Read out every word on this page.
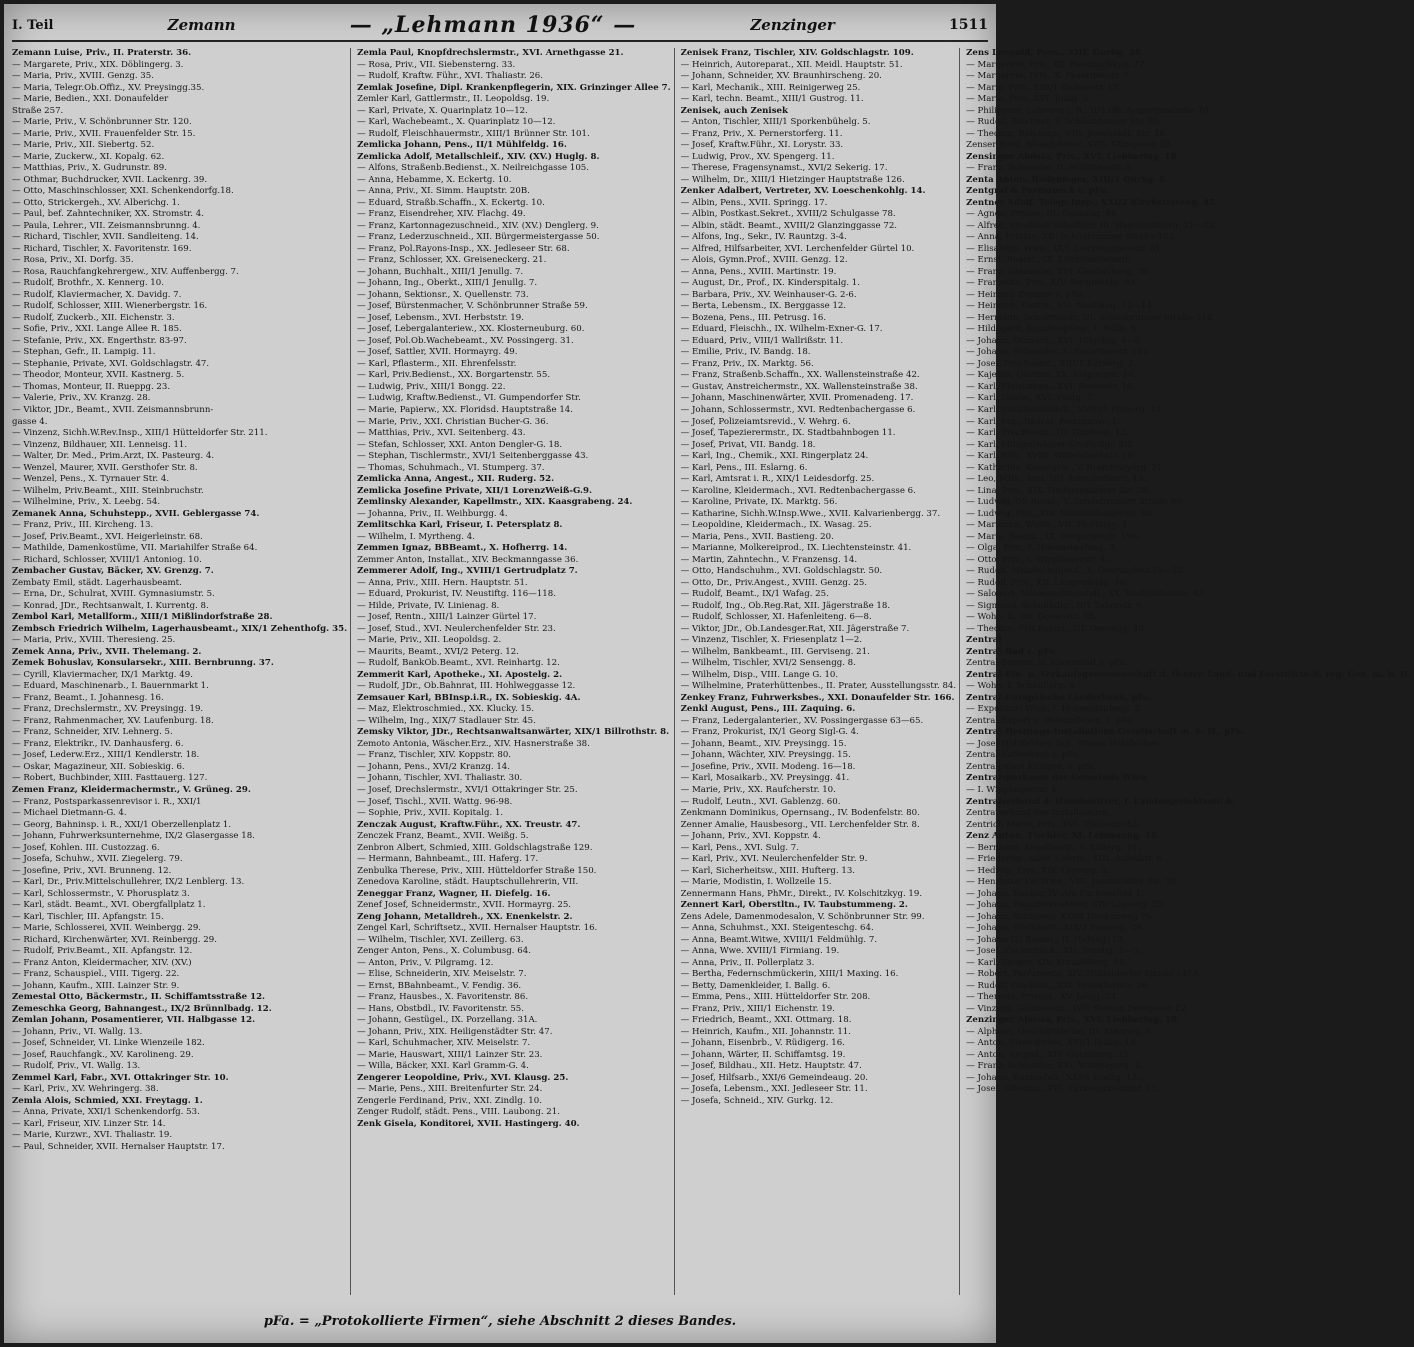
I. Teil	Zemann	— „Lehmann 1936“ —	Zenzinger	1511
Zemann Luise, Priv., II. Praterstr. 36.
— Margarete, Priv., XIX. Döblingerg. 3.
— Maria, Priv., XVIII. Genzg. 35.
— Maria, Telegr.Ob.Offiz., XV. Preysingg.35.
— Marie, Bedien., XXI. Donaufelder
Straße 257.
— Marie, Priv., V. Schönbrunner Str. 120.
— Marie, Priv., XVII. Frauenfelder Str. 15.
— Marie, Priv., XII. Siebertg. 52.
— Marie, Zuckerw., XI. Kopalg. 62.
— Matthias, Priv., X. Gudrunstr. 89.
— Othmar, Buchdrucker, XVII. Lackenrg. 39.
— Otto, Maschinschlosser, XXI. Schenkendorfg.18.
— Otto, Strickergeh., XV. Alberichg. 1.
— Paul, bef. Zahntechniker, XX. Stromstr. 4.
— Paula, Lehrer., VII. Zeismannsbrunng. 4.
— Richard, Tischler, XVII. Sandleiteng. 14.
— Richard, Tischler, X. Favoritenstr. 169.
— Rosa, Priv., XI. Dorfg. 35.
— Rosa, Rauchfangkehrergew., XIV. Auffenbergg. 7.
— Rudolf, Brothfr., X. Kennerg. 10.
— Rudolf, Klaviermacher, X. Davidg. 7.
— Rudolf, Schlosser, XIII. Wienerbergstr. 16.
— Rudolf, Zuckerb., XII. Eichenstr. 3.
— Sofie, Priv., XXI. Lange Allee R. 185.
— Stefanie, Priv., XX. Engerthstr. 83-97.
— Stephan, Gefr., II. Lampig. 11.
— Stephanie, Private, XVI. Goldschlagstr. 47.
— Theodor, Monteur, XVII. Kastnerg. 5.
— Thomas, Monteur, II. Rueppg. 23.
— Valerie, Priv., XV. Kranzg. 28.
— Viktor, JDr., Beamt., XVII. Zeismannsbrunn-
gasse 4.
— Vinzenz, Sichh.W.Rev.Insp., XIII/1 Hütteldorfer Str. 211.
— Vinzenz, Bildhauer, XII. Lenneisg. 11.
— Walter, Dr. Med., Prim.Arzt, IX. Pasteurg. 4.
— Wenzel, Maurer, XVII. Gersthofer Str. 8.
— Wenzel, Pens., X. Tyrnauer Str. 4.
— Wilhelm, Priv.Beamt., XIII. Steinbruchstr.
— Wilhelmine, Priv., X. Leebg. 54.
Zemanek Anna, Schuhstepp., XVII. Geblergasse 74.
— Franz, Priv., III. Kircheng. 13.
— Josef, Priv.Beamt., XVI. Heigerleinstr. 68.
— Mathilde, Damenkostüme, VII. Mariahilfer Straße 64.
— Richard, Schlosser, XVIII/1 Antoniog. 10.
Zembacher Gustav, Bäcker, XV. Grenzg. 7.
Zembaty Emil, städt. Lagerhausbeamt.
— Erna, Dr., Schulrat, XVIII. Gymnasiumstr. 5.
— Konrad, JDr., Rechtsanwalt, I. Kurrentg. 8.
Zembol Karl, Metallform., XIII/1 Mißlindorfstraße 28.
Zembsch Friedrich Wilhelm, Lagerhausbeamt., XIX/1 Zehenthofg. 35.
— Maria, Priv., XVIII. Theresieng. 25.
Zemek Anna, Priv., XVII. Thelemang. 2.
Zemek Bohuslav, Konsularsekr., XIII. Bernbrunng. 37.
— Cyrill, Klaviermacher, IX/1 Marktg. 49.
— Eduard, Maschinenarb., I. Bauernmarkt 1.
— Franz, Beamt., I. Johannesg. 16.
— Franz, Drechslermstr., XV. Preysingg. 19.
— Franz, Rahmenmacher, XV. Laufenburg. 18.
— Franz, Schneider, XIV. Lehnerg. 5.
— Franz, Elektrikr., IV. Danhausferg. 6.
— Josef, Lederw.Erz., XIII/1 Kendlerstr. 18.
— Oskar, Magazineur, XII. Sobieskig. 6.
— Robert, Buchbinder, XIII. Fasttauerg. 127.
Zemen Franz, Kleidermachermstr., V. Grüneg. 29.
— Franz, Postsparkassenrevisor i. R., XXI/1
— Michael Dietmann-G. 4.
— Georg, Bahninsp. i. R., XXI/1 Oberzellenplatz 1.
— Johann, Fuhrwerksunternehme, IX/2 Glasergasse 18.
— Josef, Kohlen. III. Custozzag. 6.
— Josefa, Schuhw., XVII. Ziegelerg. 79.
— Josefine, Priv., XVI. Brunneng. 12.
— Karl, Dr., Priv.Mittelschullehrer, IX/2 Lenblerg. 13.
— Karl, Schlossermstr., V. Phorusplatz 3.
— Karl, städt. Beamt., XVI. Obergfallplatz 1.
— Karl, Tischler, III. Apfangstr. 15.
— Marie, Schlosserei, XVII. Weinbergg. 29.
— Richard, Kirchenwärter, XVI. Reinbergg. 29.
— Rudolf, Priv.Beamt., XII. Apfangstr. 12.
— Franz Anton, Kleidermacher, XIV. (XV.)
— Franz, Schauspiel., VIII. Tigerg. 22.
— Johann, Kaufm., XIII. Lainzer Str. 9.
Zemestal Otto, Bäckermstr., II. Schiffamtsstraße 12.
Zemeschka Georg, Bahnangest., IX/2 Brünnlbadg. 12.
Zemlan Johann, Posamentierer, VII. Halbgasse 12.
— Johann, Priv., VI. Wallg. 13.
— Josef, Schneider, VI. Linke Wienzeile 182.
— Josef, Rauchfangk., XV. Karolineng. 29.
— Rudolf, Priv., VI. Wallg. 13.
Zemmel Karl, Fabr., XVI. Ottakringer Str. 10.
— Karl, Priv., XV. Wehringerg. 38.
Zemla Alois, Schmied, XXI. Freytagg. 1.
— Anna, Private, XXI/1 Schenkendorfg. 53.
— Karl, Friseur, XIV. Linzer Str. 14.
— Marie, Kurzwr., XVI. Thaliastr. 19.
— Paul, Schneider, XVII. Hernalser Hauptstr. 17.
Zemla Paul, Knopfdrechslermstr., XVI. Arnethgasse 21.
— Rosa, Priv., VII. Siebensterng. 33.
— Rudolf, Kraftw. Führ., XVI. Thaliastr. 26.
Zemlak Josefine, Dipl. Krankenpflegerin, XIX. Grinzinger Allee 7.
Zemler Karl, Gattlermstr., II. Leopoldsg. 19.
— Karl, Private, X. Quarinplatz 10—12.
— Karl, Wachebeamt., X. Quarinplatz 10—12.
— Rudolf, Fleischhauermstr., XIII/1 Brünner Str. 101.
Zemlicka Johann, Pens., II/1 Mühlfeldg. 16.
Zemlicka Adolf, Metallschleif., XIV. (XV.) Huglg. 8.
— Alfons, Straßenb.Bedienst., X. Neilreichgasse 105.
— Anna, Hebamme, X. Eckertg. 10.
— Anna, Priv., XI. Simm. Hauptstr. 20B.
— Eduard, Straßb.Schaffn., X. Eckertg. 10.
— Franz, Eisendreher, XIV. Flachg. 49.
— Franz, Kartonnagezuschneid., XIV. (XV.) Denglerg. 9.
— Franz, Lederzuschneid., XII. Bürgermeistergasse 50.
— Franz, Pol.Rayons-Insp., XX. Jedleseer Str. 68.
— Franz, Schlosser, XX. Greiseneckerg. 21.
— Johann, Buchhalt., XIII/1 Jenullg. 7.
— Johann, Ing., Oberkt., XIII/1 Jenullg. 7.
— Johann, Sektionsr., X. Quellenstr. 73.
— Josef, Bürstenmacher, V. Schönbrunner Straße 59.
— Josef, Lebensm., XVI. Herbststr. 19.
— Josef, Lebergalanteriew., XX. Klosterneuburg. 60.
— Josef, Pol.Ob.Wachebeamt., XV. Possingerg. 31.
— Josef, Sattler, XVII. Hormayrg. 49.
— Karl, Pflasterm., XII. Ehrenfelsstr.
— Karl, Priv.Bedienst., XX. Borgartenstr. 55.
— Ludwig, Priv., XIII/1 Bongg. 22.
— Ludwig, Kraftw.Bedienst., VI. Gumpendorfer Str.
— Marie, Papierw., XX. Floridsd. Hauptstraße 14.
— Marie, Priv., XXI. Christian Bucher-G. 36.
— Matthias, Priv., XVI. Seitenberg. 43.
— Stefan, Schlosser, XXI. Anton Dengler-G. 18.
— Stephan, Tischlermstr., XVI/1 Seitenberggasse 43.
— Thomas, Schuhmach., VI. Stumperg. 37.
Zemlicka Anna, Angest., XII. Ruderg. 52.
Zemlicka Josefine Private, XII/1 LorenzWeiß-G.9.
Zemlinsky Alexander, Kapellmstr., XIX. Kaasgrabeng. 24.
— Johanna, Priv., II. Weihburgg. 4.
Zemlitschka Karl, Friseur, I. Petersplatz 8.
— Wilhelm, I. Myrtheng. 4.
Zemmen Ignaz, BBBeamt., X. Hofherrg. 14.
Zemmer Anton, Installat., XIV. Beckmanngasse 36.
Zemmerer Adolf, Ing., XVIII/1 Gertrudplatz 7.
— Anna, Priv., XIII. Hern. Hauptstr. 51.
— Eduard, Prokurist, IV. Neustiftg. 116—118.
— Hilde, Private, IV. Linienag. 8.
— Josef, Rentn., XIII/1 Lainzer Gürtel 17.
— Josef, Stud., XVI. Neulerchenfelder Str. 23.
— Marie, Priv., XII. Leopoldsg. 2.
— Maurits, Beamt., XVI/2 Peterg. 12.
— Rudolf, BankOb.Beamt., XVI. Reinhartg. 12.
Zemmerit Karl, Apotheke., XI. Apostelg. 2.
— Rudolf, JDr., Ob.Bahnrat, III. Hohlweggasse 12.
Zemsauer Karl, BBInsp.i.R., IX. Sobieskig. 4A.
— Maz, Elektroschmied., XX. Klucky. 15.
— Wilhelm, Ing., XIX/7 Stadlauer Str. 45.
Zemsky Viktor, JDr., Rechtsanwaltsanwärter, XIX/1 Billrothstr. 8.
Zemoto Antonia, Wäscher.Erz., XIV. Hasnerstraße 38.
— Franz, Tischler, XIV. Koppstr. 80.
— Johann, Pens., XVI/2 Kranzg. 14.
— Johann, Tischler, XVI. Thaliastr. 30.
— Josef, Drechslermstr., XVI/1 Ottakringer Str. 25.
— Josef, Tischl., XVII. Wattg. 96-98.
— Sophie, Priv., XVII. Kopitalg. 1.
Zenczak August, Kraftw.Führ., XX. Treustr. 47.
Zenczek Franz, Beamt., XVII. Weißg. 5.
Zenbron Albert, Schmied, XIII. Goldschlagstraße 129.
— Hermann, Bahnbeamt., III. Haferg. 17.
Zenbulka Therese, Priv., XIII. Hütteldorfer Straße 150.
Zenedova Karoline, städt. Hauptschullehrerin, VII.
Zeneggar Franz, Wagner, II. Diefelg. 16.
Zenef Josef, Schneidermstr., XVII. Hormayrg. 25.
Zeng Johann, Metalldreh., XX. Enenkelstr. 2.
Zengel Karl, Schriftsetz., XVII. Hernalser Hauptstr. 16.
— Wilhelm, Tischler, XVI. Zeillerg. 63.
Zenger Anton, Pens., X. Columbusg. 64.
— Anton, Priv., V. Pilgramg. 12.
— Elise, Schneiderin, XIV. Meiselstr. 7.
— Ernst, BBahnbeamt., V. Fendig. 36.
— Franz, Hausbes., X. Favoritenstr. 86.
— Hans, Obstbdl., IV. Favoritenstr. 55.
— Johann, Gestügel., IX. Porzellang. 31A.
— Johann, Priv., XIX. Heiligenstädter Str. 47.
— Karl, Schuhmacher, XIV. Meiselstr. 7.
— Marie, Hauswart, XIII/1 Lainzer Str. 23.
— Willa, Bäcker, XXI. Karl Gramm-G. 4.
Zengerer Leopoldine, Priv., XVI. Klausg. 25.
— Marie, Pens., XIII. Breitenfurter Str. 24.
Zengerle Ferdinand, Priv., XXI. Zindlg. 10.
Zenger Rudolf, städt. Pens., VIII. Laubong. 21.
Zenk Gisela, Konditorei, XVII. Hastingerg. 40.
Zenisek Franz, Tischler, XIV. Goldschlagstr. 109.
— Heinrich, Autoreparat., XII. Meidl. Hauptstr. 51.
— Johann, Schneider, XV. Braunhirscheng. 20.
— Karl, Mechanik., XIII. Reinigerweg 25.
— Karl, techn. Beamt., XIII/1 Gustrog. 11.
Zenisek, auch Zenisek
— Anton, Tischler, XIII/1 Sporkenbühelg. 5.
— Franz, Priv., X. Pernerstorferg. 11.
— Josef, Kraftw.Führ., XI. Lorystr. 33.
— Ludwig, Prov., XV. Spengerg. 11.
— Therese, Fragensynamst., XVI/2 Sekerig. 17.
— Wilhelm, Dr., XIII/1 Hietzinger Hauptstraße 126.
Zenker Adalbert, Vertreter, XV. Loeschenkohlg. 14.
— Albin, Pens., XVII. Springg. 17.
— Albin, Postkast.Sekret., XVIII/2 Schulgasse 78.
— Albin, städt. Beamt., XVIII/2 Glanzinggasse 72.
— Alfons, Ing., Sekr., IV. Rauntzg. 3-4.
— Alfred, Hilfsarbeiter, XVI. Lerchenfelder Gürtel 10.
— Alois, Gymn.Prof., XVIII. Genzg. 12.
— Anna, Pens., XVIII. Martinstr. 19.
— August, Dr., Prof., IX. Kinderspitalg. 1.
— Barbara, Priv., XV. Weinhauser-G. 2-6.
— Berta, Lebensm., IX. Berggasse 12.
— Bozena, Pens., III. Petrusg. 16.
— Eduard, Fleischh., IX. Wilhelm-Exner-G. 17.
— Eduard, Priv., VIII/1 Wallrißstr. 11.
— Emilie, Priv., IV. Bandg. 18.
— Franz, Priv., IX. Marktg. 56.
— Franz, Straßenb.Schaffn., XX. Wallensteinstraße 42.
— Gustav, Anstreichermstr., XX. Wallensteinstraße 38.
— Johann, Maschinenwärter, XVII. Promenadeng. 17.
— Johann, Schlossermstr., XVI. Redtenbachergasse 6.
— Josef, Polizeiamtsrevid., V. Wehrg. 6.
— Josef, Tapezierermstr., IX. Stadtbahnbogen 11.
— Josef, Privat, VII. Bandg. 18.
— Karl, Ing., Chemik., XXI. Ringerplatz 24.
— Karl, Pens., III. Eslarng. 6.
— Karl, Amtsrat i. R., XIX/1 Leidesdorfg. 25.
— Karoline, Kleidermach., XVI. Redtenbachergasse 6.
— Karoline, Private, IX. Marktg. 56.
— Katharine, Sichh.W.Insp.Wwe., XVII. Kalvarienbergg. 37.
— Leopoldine, Kleidermach., IX. Wasag. 25.
— Maria, Pens., XVII. Bastieng. 20.
— Marianne, Molkereiprod., IX. Liechtensteinstr. 41.
— Martin, Zahntechn., V. Franzensg. 14.
— Otto, Handschuhm., XVI. Goldschlagstr. 50.
— Otto, Dr., Priv.Angest., XVIII. Genzg. 25.
— Rudolf, Beamt., IX/1 Wafag. 25.
— Rudolf, Ing., Ob.Reg.Rat, XII. Jägerstraße 18.
— Rudolf, Schlosser, XI. Hafenleiteng. 6—8.
— Viktor, JDr., Ob.Landesger.Rat, XII. Jägerstraße 7.
— Vinzenz, Tischler, X. Friesenplatz 1—2.
— Wilhelm, Bankbeamt., III. Gerviseng. 21.
— Wilhelm, Tischler, XVI/2 Sensengg. 8.
— Wilhelm, Disp., VIII. Lange G. 10.
— Wilhelmine, Praterhüttenbes., II. Prater, Ausstellungsstr. 84.
Zenkey Franz, Fuhrwerksbes., XXI. Donaufelder Str. 166.
Zenkl August, Pens., III. Zaquing. 6.
— Franz, Ledergalanterier., XV. Possingergasse 63—65.
— Franz, Prokurist, IX/1 Georg Sigl-G. 4.
— Johann, Beamt., XIV. Preysingg. 15.
— Johann, Wächter, XIV. Preysingg. 15.
— Josefine, Priv., XVII. Modeng. 16—18.
— Karl, Mosaikarb., XV. Preysingg. 41.
— Marie, Priv., XX. Raufcherstr. 10.
— Rudolf, Leutn., XVI. Gablenzg. 60.
Zenkmann Dominikus, Opernsang., IV. Bodenfelstr. 80.
Zenner Amalie, Hausbesorg., VII. Lerchenfelder Str. 8.
— Johann, Priv., XVI. Koppstr. 4.
— Karl, Pens., XVI. Sulg. 7.
— Karl, Priv., XVI. Neulerchenfelder Str. 9.
— Karl, Sicherheitsw., XIII. Hufterg. 13.
— Marie, Modistin, I. Wollzeile 15.
Zennermann Hans, PhMr., Direkt., IV. Kolschitzkyg. 19.
Zennert Karl, Oberstltn., IV. Taubstummeng. 2.
Zens Adele, Damenmodesalon, V. Schönbrunner Str. 99.
— Anna, Schuhmst., XXI. Steigenteschg. 64.
— Anna, Beamt.Witwe, XVIII/1 Feldmühlg. 7.
— Anna, Wwe. XVIII/1 Firmiang. 19.
— Anna, Priv., II. Pollerplatz 3.
— Bertha, Federnschmückerin, XIII/1 Maxing. 16.
— Betty, Damenkleider, I. Ballg. 6.
— Emma, Pens., XIII. Hütteldorfer Str. 208.
— Franz, Priv., XIII/1 Eichenstr. 19.
— Friedrich, Beamt., XXI. Ottmarg. 18.
— Heinrich, Kaufm., XII. Johannstr. 11.
— Johann, Eisenbrb., V. Rüdigerg. 16.
— Johann, Wärter, II. Schiffamtsg. 19.
— Josef, Bildhau., XII. Hetz. Hauptstr. 47.
— Josef, Hilfsarb., XXI/6 Gemeindeaug. 20.
— Josefa, Lebensm., XXI. Jedleseer Str. 11.
— Josefa, Schneid., XIV. Gurkg. 12.
Zens Leopold, Pens., XIII. Gurkg. 28.
— Margarete, Priv., III. Rasumofskyg. 27.
— Margarete, Priv., X. Favoritenstr. 7.
— Maria, Priv., XIII/1 Eichenstr. 17.
— Maria, Priv., XVI. Justg. 5.
— Philippine, Lehrerin i. R., II/1 Ob. Augartenstraße 70.
— Rudolf, Zeichner, V. Schönbrunner Str. 99.
— Theodor, Ran.Insp., VIII. Josefstädt. Str. 16.
Zenser Josef, Blasausfeher, XVII. Gilmgasse 30.
Zensinger Aloisia, Priv., XVI. Liebhartsg. 18.
— Franz, Schneider, II. Schüttaustr. 5.
Zenta Anton, Bodenleger, XIII/1 Gurkg. 6.
Zentgraf & Fermaneck s. pFa.
Zentner Adolf, Telegr.Insp., XXI/2 Kirchstetteng. 45.
— Agnes, Private, III. Geusaug. 46.
— Alfred, Straßenb.Schaffner, III. Hagenmüllerg. 21—23.
— Anna, Private, XII. Schönbrunner Straße 152.
— Elisabeth, Wwe., IX/1 Liechtensteinstr. 81.
— Ernst, Beamt., IX. Liechtensteinstr.
— Franz, Glasmaler, XVI. Gaullacherg. 38.
— Franziska, Priv., XIV. Bergmühlg. 9A.
— Heinrich Zentner s. pFa.
— Heinrich, Kaufm., VII. Neubaug. 12—14.
— Hermann, Schuhmach., III. Schönbrunner Straße 110.
— Hildegard, Krankenpfleg., I. Ballg. 6.
— Johann, Dumach., XVI. Hügelsg. 4—6.
— Johann, Schneider, X. Favoritenstr. 142.
— Josef, Priv.Beamt., XIII/1 Körnerg. 2.
— Kajetan, Gärtner, XX. Kolpingstr. 18.
— Karl, Fleischhau., XVI. Rosenstr. 16.
— Karl, Gastw., XVI. Festg. 7.
— Karl, Installationsleit., XVIII/1 Plenerg. 11.
— Karl, Ing., Baurat, Patentanw., I.
— Karl, Priv.Beamt., III. Guldeng. 12.
— Karl, Mineralwässer-Großhdlg., XII.
— Karl, Priv., XVIII. Wittelsbachstr. 18.
— Katharina, Kunstgew., V. Brandmayerg. 21.
— Leo, MDr., Arzt, II/1 Arnezhoferstr. 1A.
— Lina, Priv., XIX. Heiligenstädter Str. 29.
— Ludwig, Ob.Revid., V. Schönbrunner Straße 99.
— Ludwig, Priv., XIV. Neuwaldeggerstr. 30.
— Marianne, Wirtw., VII. Florianig. 1.
— Maria, Beamt., IX. Borgartenstr. 196.
— Olga, Priv., I. Hohenstaufeng. 3.
— Otto, Priv., I. Wipplingerstr. 4.
— Rudolf, Mittelschulprof., X. Quarinplatz 10—12.
— Rudolf, Priv., XII. Längenfeldg. 16.
— Salomon, Nähmaschinenhdl., XX. Wallensteinstr. 42.
— Sigmund, Schuhhdlg., II/1 Taborstr. 9.
— Wohn. II. Ob. Donaustr. 3B.
— Theodor, Priv.Beamt., III. Geusaug. 46.
Zentral
Zentral-Bad s. pFa.
Zentral-Bureau, II. Kuranstalt s. pFa.
Zentral-Ein- u. Verkaufsgenossenschaft d. Österr. Land- und Forstwirtsch. reg. Gen. m. b. H.
— Wohn. I. Schauflerg. 6.
Zentral-Europäische Länderbank, pFa.
— Expositur: Wien, I. Hohenstaufeng. 3.
Zentral-Export u. Rohstoff-Gen. s. pFa.
Zentral-Heizungs-Installations-Gesellschaft m. b. H., pFa.
— Josef Holzfischer, Ing., Emma Holzfischer.
Zentral-Kaffeehaus s. pFa.
Zentralpalast Kinoges. s. pFa.
Zentralsparkasse der Gemeinde Wien
— I. Wipplingerstr. 4.
Zentralverband d. Hausbesitzer, I. Landesgerichtsstr. 6.
Zentraverband der Installateure.
Zentrich Marie, Priv., XVI. Thaliastr. 83.
Zenz Anton, Tischler, XI. Lehmanng. 16.
— Bernhard, Kapellmstr., V. Zollerg. 10.
— Friederike, städt. Lehrer., XIII. Auhofstr. 6.
— Hedwig, Priv., XIV. Leyserg. 3.
— Henriette, Dir.Wwe., VIII. Josefstädter Str. 70.
— Johann, Bäcker, IV. Am Fuchsenfeld 1.
— Johann, Bauunternehmer, XIV. Leyserg. 25.
— Johann, Schlosser, XXI/4 Heckenweg 76.
— Johann, Werkmstr., XIX/2 Panzerg. 29.
— Johann G., Beamt., II. Hufeng. 13.
— Josef, Zuckerbäck., XII. Rumbg. 1—3.
— Karl, Bäcker, XIV. Kottmüllerg. 15.
— Robert, Parfümerie, XIV. Hütteldorfer Straße 147A.
— Rudolf, Glasbläs., XXI. Frankfurtstr. 26.
— Theresia, Friseur., XV. Jaksg. 24.
— Vinzenz, Goldbeamt., IV/1 Stanon Dentgasse 12.
Zenzinger Aloisia, Priv., XVI. Liebhartsg. 18.
— Alphons, Geschäftsleiter, III. Stammg. 5.
— Anton, Eisendreher, XVI/1 Holzg. 18.
— Anton, Angest., XIV. Gutmanng. 11.
— Franz, Schneider, XXI. Wittmayerg. 2.
— Johann, Kaninnfab., XXI/4 Kraftg. 12.
— Josef, BBeamt., XVI. Türkenschanzstr. 15.
pFa. = „Protokollierte Firmen“, siehe Abschnitt 2 dieses Bandes.
